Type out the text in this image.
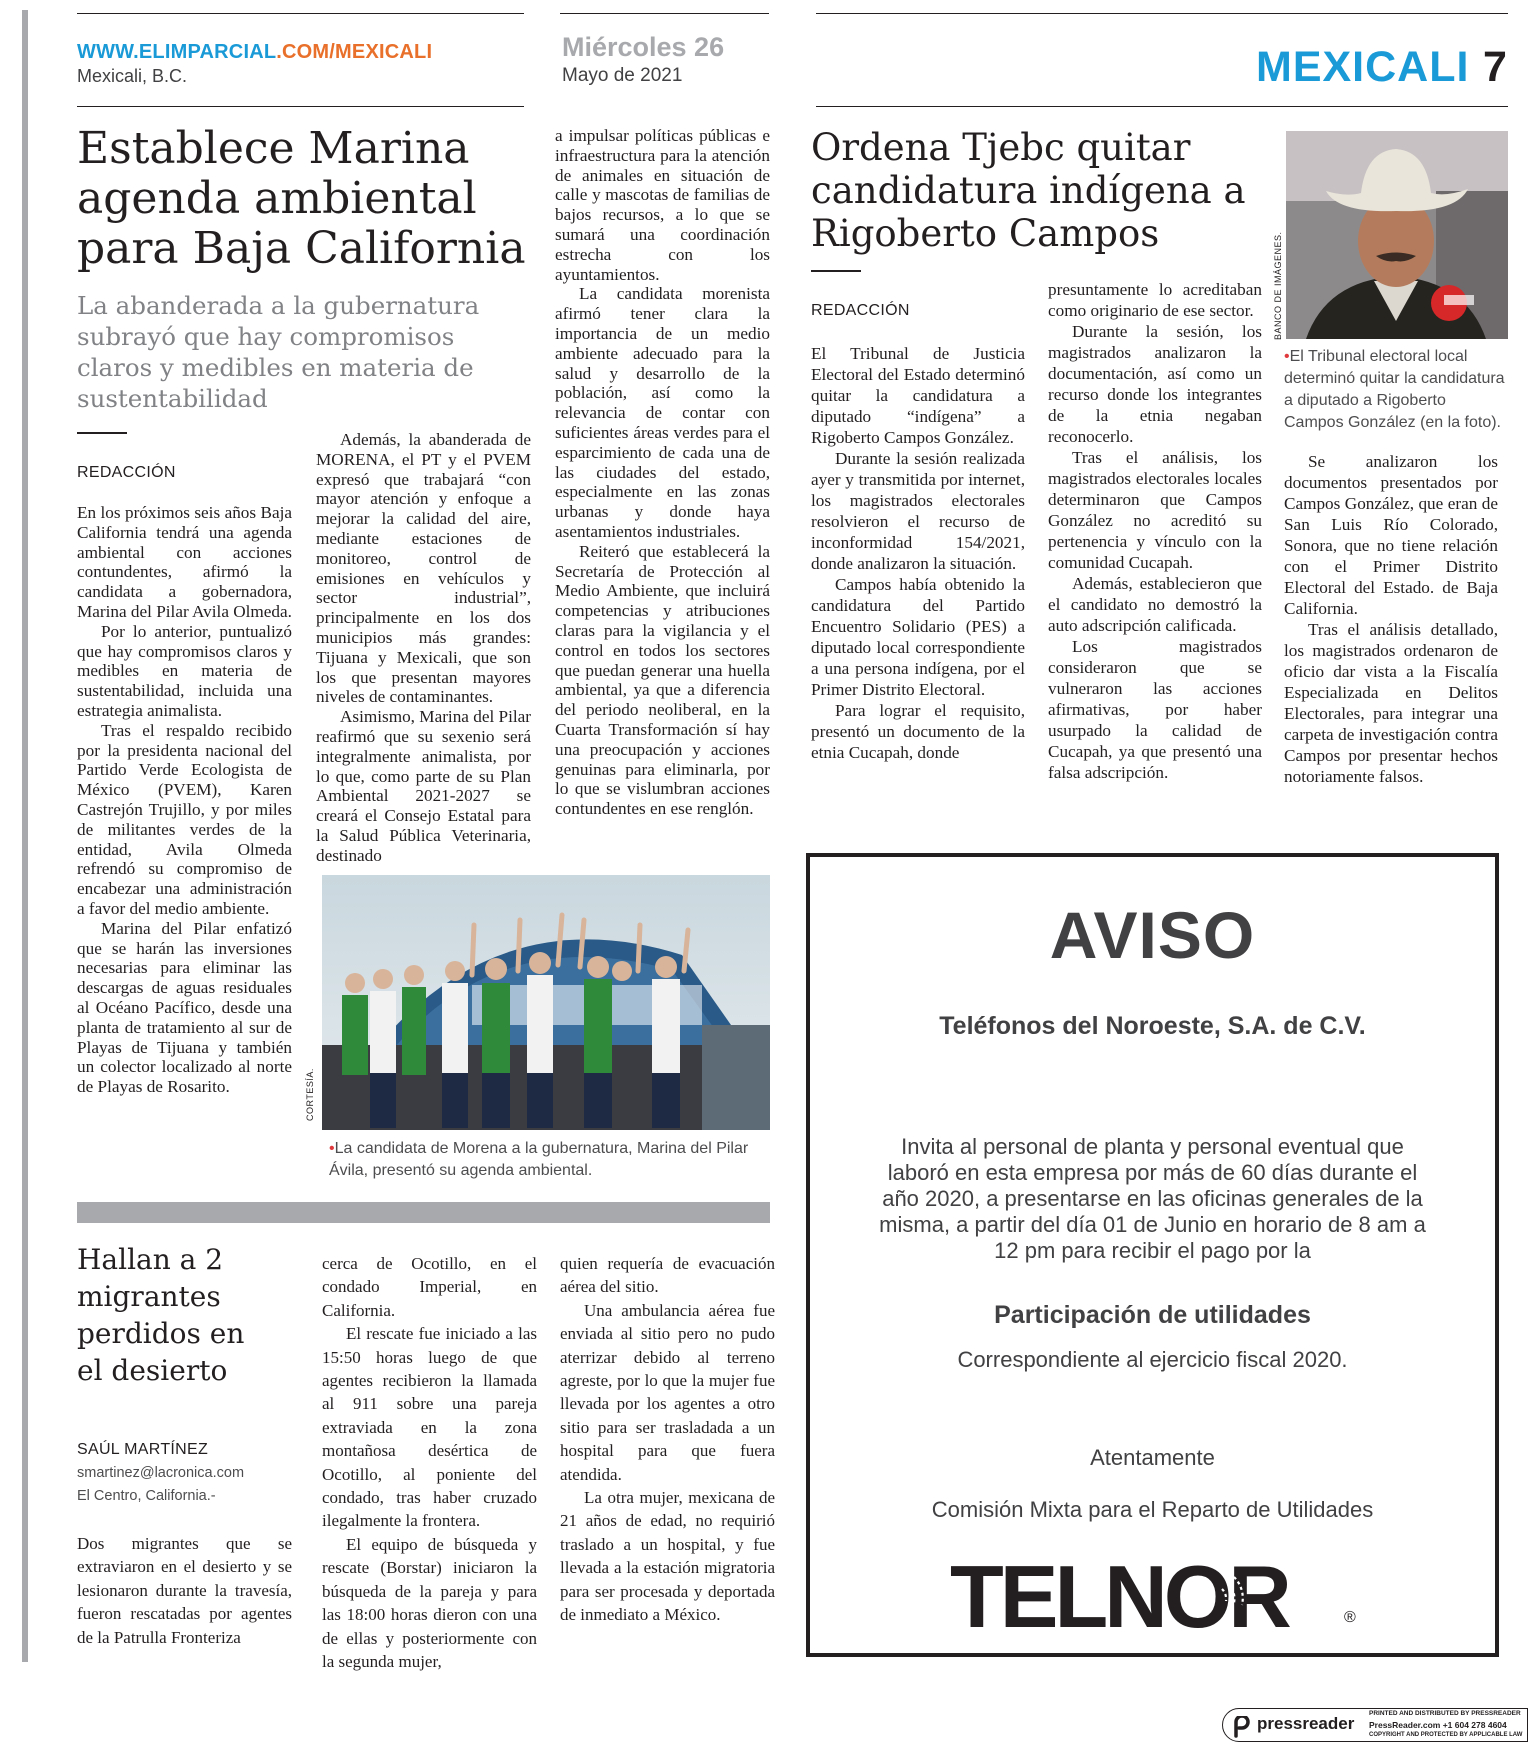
WWW.ELIMPARCIAL.COM/MEXICALI
Mexicali, B.C.
Miércoles 26
Mayo de 2021	MEXICALI 7
Establece Marina agenda ambiental para Baja California
La abanderada a la gubernatura subrayó que hay compromisos claros y medibles en materia de sustentabilidad
REDACCIÓN

En los próximos seis años Baja California tendrá una agenda ambiental con acciones contundentes, afirmó la candidata a gobernadora, Marina del Pilar Avila Olmeda.

Por lo anterior, puntualizó que hay compromisos claros y medibles en materia de sustentabilidad, incluida una estrategia animalista.

Tras el respaldo recibido por la presidenta nacional del Partido Verde Ecologista de México (PVEM), Karen Castrejón Trujillo, y por miles de militantes verdes de la entidad, Avila Olmeda refrendó su compromiso de encabezar una administración a favor del medio ambiente.

Marina del Pilar enfatizó que se harán las inversiones necesarias para eliminar las descargas de aguas residuales al Océano Pacífico, desde una planta de tratamiento al sur de Playas de Tijuana y también un colector localizado al norte de Playas de Rosarito.

Además, la abanderada de MORENA, el PT y el PVEM expresó que trabajará “con mayor atención y enfoque a mejorar la calidad del aire, mediante estaciones de monitoreo, control de emisiones en vehículos y sector industrial”, principalmente en los dos municipios más grandes: Tijuana y Mexicali, que son los que presentan mayores niveles de contaminantes.

Asimismo, Marina del Pilar reafirmó que su sexenio será integralmente animalista, por lo que, como parte de su Plan Ambiental 2021-2027 se creará el Consejo Estatal para la Salud Pública Veterinaria, destinado

a impulsar políticas públicas e infraestructura para la atención de animales en situación de calle y mascotas de familias de bajos recursos, a lo que se sumará una coordinación estrecha con los ayuntamientos.

La candidata morenista afirmó tener clara la importancia de un medio ambiente adecuado para la salud y desarrollo de la población, así como la relevancia de contar con suficientes áreas verdes para el esparcimiento de cada una de las ciudades del estado, especialmente en las zonas urbanas y donde haya asentamientos industriales.

Reiteró que establecerá la Secretaría de Protección al Medio Ambiente, que incluirá competencias y atribuciones claras para la vigilancia y el control en todos los sectores que puedan generar una huella ambiental, ya que a diferencia del periodo neoliberal, en la Cuarta Transformación sí hay una preocupación y acciones genuinas para eliminarla, por lo que se vislumbran acciones contundentes en ese renglón.

CORTESÍA.
•La candidata de Morena a la gubernatura, Marina del Pilar Ávila, presentó su agenda ambiental.
Ordena Tjebc quitar candidatura indígena a Rigoberto Campos
REDACCIÓN

El Tribunal de Justicia Electoral del Estado determinó quitar la candidatura a diputado “indígena” a Rigoberto Campos González.

Durante la sesión realizada ayer y transmitida por internet, los magistrados electorales resolvieron el recurso de inconformidad 154/2021, donde analizaron la situación.

Campos había obtenido la candidatura del Partido Encuentro Solidario (PES) a diputado local correspondiente a una persona indígena, por el Primer Distrito Electoral.

Para lograr el requisito, presentó un documento de la etnia Cucapah, donde

presuntamente lo acreditaban como originario de ese sector.

Durante la sesión, los magistrados analizaron la documentación, así como un recurso donde los integrantes de la etnia negaban reconocerlo.

Tras el análisis, los magistrados electorales locales determinaron que Campos González no acreditó su pertenencia y vínculo con la comunidad Cucapah.

Además, establecieron que el candidato no demostró la auto adscripción calificada.

Los magistrados consideraron que se vulneraron las acciones afirmativas, por haber usurpado la calidad de Cucapah, ya que presentó una falsa adscripción.

BANCO DE IMÁGENES.
•El Tribunal electoral local determinó quitar la candidatura a diputado a Rigoberto Campos González (en la foto).

Se analizaron los documentos presentados por Campos González, que eran de San Luis Río Colorado, Sonora, que no tiene relación con el Primer Distrito Electoral del Estado. de Baja California.

Tras el análisis detallado, los magistrados ordenaron de oficio dar vista a la Fiscalía Especializada en Delitos Electorales, para integrar una carpeta de investigación contra Campos por presentar hechos notoriamente falsos.

Hallan a 2 migrantes perdidos en el desierto
SAÚL MARTÍNEZ
smartinez@lacronica.com
El Centro, California.-

Dos migrantes que se extraviaron en el desierto y se lesionaron durante la travesía, fueron rescatadas por agentes de la Patrulla Fronteriza

cerca de Ocotillo, en el condado Imperial, en California.

El rescate fue iniciado a las 15:50 horas luego de que agentes recibieron la llamada al 911 sobre una pareja extraviada en la zona montañosa desértica de Ocotillo, al poniente del condado, tras haber cruzado ilegalmente la frontera.

El equipo de búsqueda y rescate (Borstar) iniciaron la búsqueda de la pareja y para las 18:00 horas dieron con una de ellas y posteriormente con la segunda mujer,

quien requería de evacuación aérea del sitio.

Una ambulancia aérea fue enviada al sitio pero no pudo aterrizar debido al terreno agreste, por lo que la mujer fue llevada por los agentes a otro sitio para ser trasladada a un hospital para que fuera atendida.

La otra mujer, mexicana de 21 años de edad, no requirió traslado a un hospital, y fue llevada a la estación migratoria para ser procesada y deportada de inmediato a México.

AVISO
Teléfonos del Noroeste, S.A. de C.V.
Invita al personal de planta y personal eventual que laboró en esta empresa por más de 60 días durante el año 2020, a presentarse en las oficinas generales de la misma, a partir del día 01 de Junio en horario de 8 am a 12 pm para recibir el pago por la
Participación de utilidades
Correspondiente al ejercicio fiscal 2020.
Atentamente
Comisión Mixta para el Reparto de Utilidades
TELNOR	®
pressreader
PRINTED AND DISTRIBUTED BY PRESSREADER
PressReader.com +1 604 278 4604
COPYRIGHT AND PROTECTED BY APPLICABLE LAW
